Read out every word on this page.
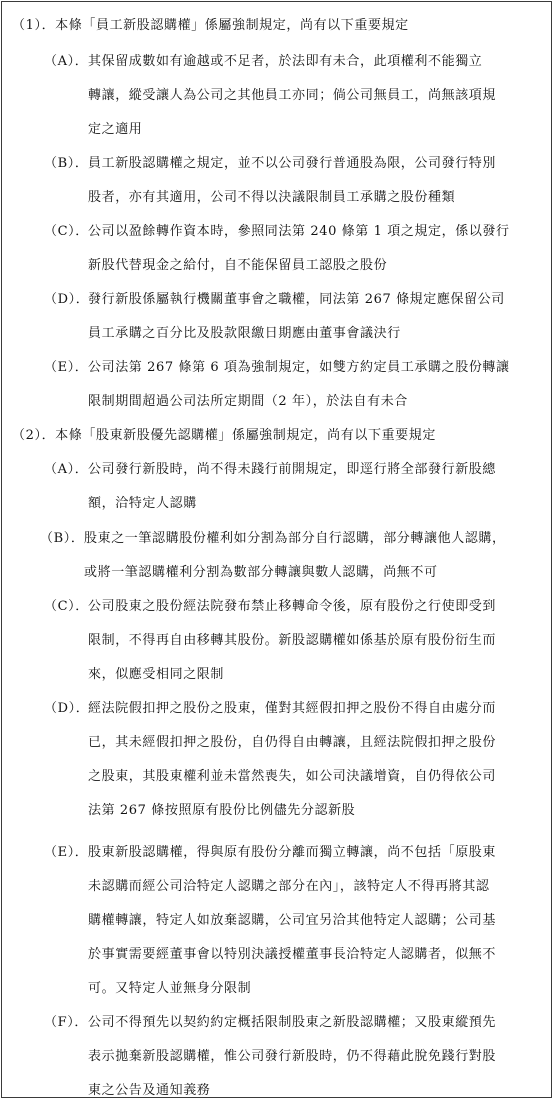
（1）．本條「員工新股認購權」係屬強制規定，尚有以下重要規定
（A）． 其保留成數如有逾越或不足者，於法即有未合，此項權利不能獨立
轉讓，縱受讓人為公司之其他員工亦同；倘公司無員工，尚無該項規
定之適用
（B）． 員工新股認購權之規定，並不以公司發行普通股為限，公司發行特別
股者，亦有其適用，公司不得以決議限制員工承購之股份種類
（C）． 公司以盈餘轉作資本時，參照同法第 240 條第 1 項之規定，係以發行
新股代替現金之給付，自不能保留員工認股之股份
（D）．
發行新股係屬執行機關董事會之職權，同法第 267 條規定應保留公司
員工承購之百分比及股款限繳日期應由董事會議決行
（E）． 公司法第 267 條第 6 項為強制規定，如雙方約定員工承購之股份轉讓
限制期間超過公司法所定期間（2 年），於法自有未合
（2）．本條「股東新股優先認購權」係屬強制規定，尚有以下重要規定
（A）． 公司發行新股時，尚不得未踐行前開規定，即逕行將全部發行新股總
額，洽特定人認購
（B）． 股東之一筆認購股份權利如分割為部分自行認購，部分轉讓他人認購，
或將一筆認購權利分割為數部分轉讓與數人認購，尚無不可
（C）． 公司股東之股份經法院發布禁止移轉命令後，原有股份之行使即受到
限制，不得再自由移轉其股份。新股認購權如係基於原有股份衍生而
來，似應受相同之限制
（D）．
經法院假扣押之股份之股東，僅對其經假扣押之股份不得自由處分而
已，其未經假扣押之股份，自仍得自由轉讓，且經法院假扣押之股份
之股東，其股東權利並未當然喪失，如公司決議增資，自仍得依公司
法第 267 條按照原有股份比例儘先分認新股
（E）． 股東新股認購權，得與原有股份分離而獨立轉讓，尚不包括「原股東
未認購而經公司洽特定人認購之部分在內」，該特定人不得再將其認
購權轉讓，特定人如放棄認購，公司宜另洽其他特定人認購；公司基
於事實需要經董事會以特別決議授權董事長洽特定人認購者，似無不
可。又特定人並無身分限制
（F）． 公司不得預先以契約約定概括限制股東之新股認購權；又股東縱預先
表示拋棄新股認購權，惟公司發行新股時，仍不得藉此脫免踐行對股
東之公告及通知義務
